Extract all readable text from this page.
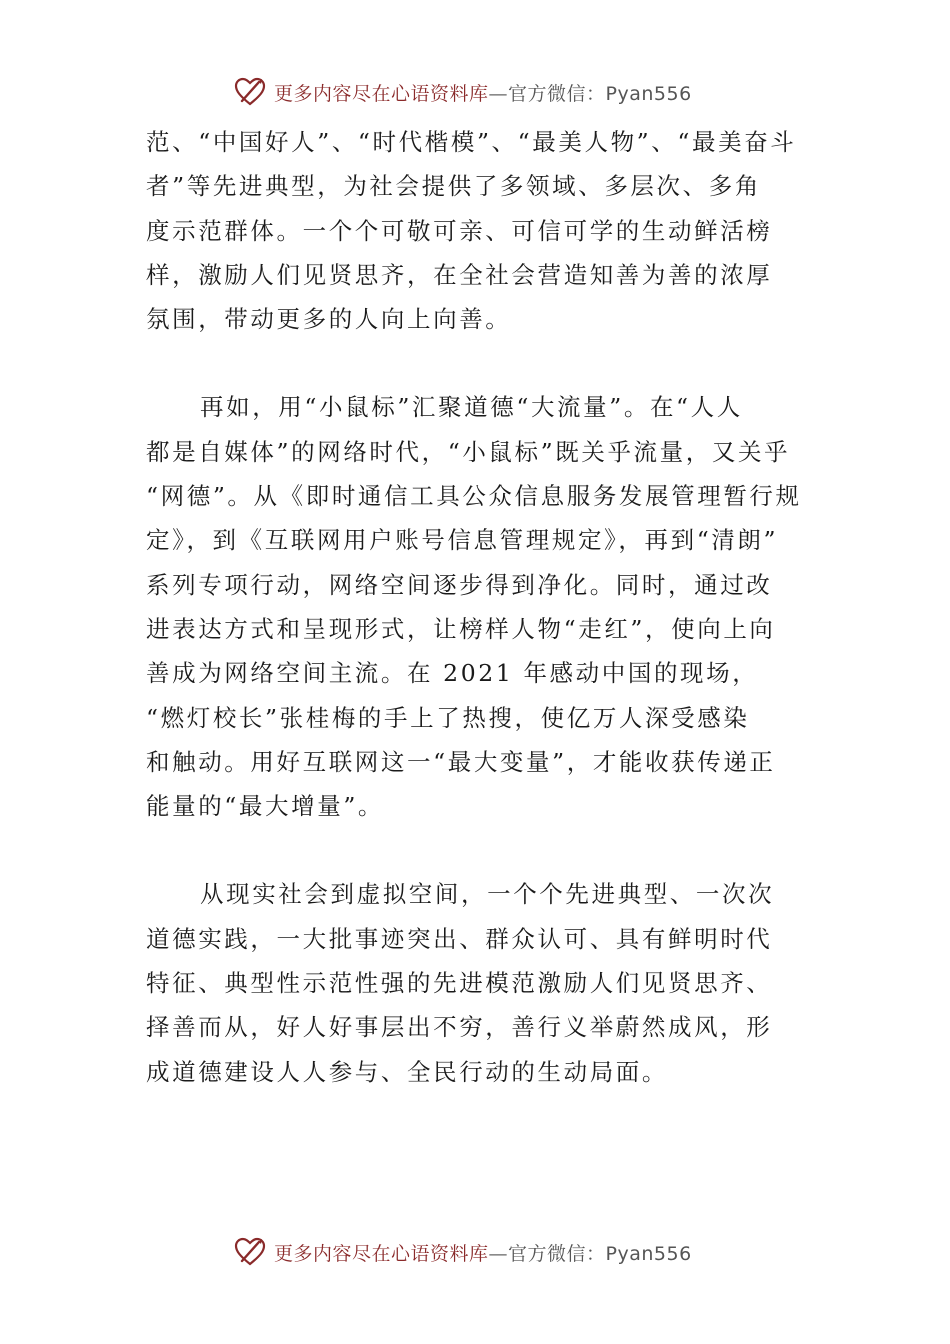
更多内容尽在心语资料库—官方微信：Pyan556
范、“中国好人”、“时代楷模”、“最美人物”、“最美奋斗
者”等先进典型，为社会提供了多领域、多层次、多角
度示范群体。一个个可敬可亲、可信可学的生动鲜活榜
样，激励人们见贤思齐，在全社会营造知善为善的浓厚
氛围，带动更多的人向上向善。
再如，用“小鼠标”汇聚道德“大流量”。在“人人
都是自媒体”的网络时代，“小鼠标”既关乎流量，又关乎
“网德”。从《即时通信工具公众信息服务发展管理暂行规
定》，到《互联网用户账号信息管理规定》，再到“清朗”
系列专项行动，网络空间逐步得到净化。同时，通过改
进表达方式和呈现形式，让榜样人物“走红”，使向上向
善成为网络空间主流。在 2021 年感动中国的现场，
“燃灯校长”张桂梅的手上了热搜，使亿万人深受感染
和触动。用好互联网这一“最大变量”，才能收获传递正
能量的“最大增量”。
从现实社会到虚拟空间，一个个先进典型、一次次
道德实践，一大批事迹突出、群众认可、具有鲜明时代
特征、典型性示范性强的先进模范激励人们见贤思齐、
择善而从，好人好事层出不穷，善行义举蔚然成风，形
成道德建设人人参与、全民行动的生动局面。
更多内容尽在心语资料库—官方微信：Pyan556
